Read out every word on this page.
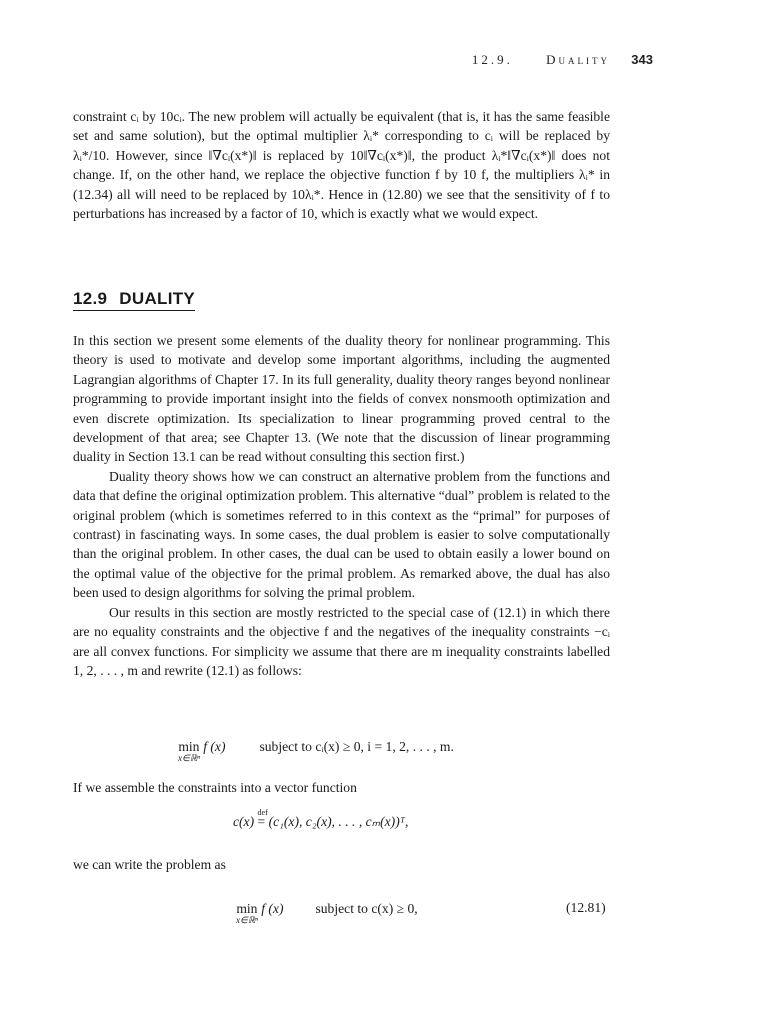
12.9.	Duality 343

constraint cᵢ by 10cᵢ. The new problem will actually be equivalent (that is, it has the same feasible set and same solution), but the optimal multiplier λᵢ* corresponding to cᵢ will be replaced by λᵢ*/10. However, since ‖∇cᵢ(x*)‖ is replaced by 10‖∇cᵢ(x*)‖, the product λᵢ*‖∇cᵢ(x*)‖ does not change. If, on the other hand, we replace the objective function f by 10 f, the multipliers λᵢ* in (12.34) all will need to be replaced by 10λᵢ*. Hence in (12.80) we see that the sensitivity of f to perturbations has increased by a factor of 10, which is exactly what we would expect.

12.9 DUALITY

In this section we present some elements of the duality theory for nonlinear programming. This theory is used to motivate and develop some important algorithms, including the augmented Lagrangian algorithms of Chapter 17. In its full generality, duality theory ranges beyond nonlinear programming to provide important insight into the fields of convex nonsmooth optimization and even discrete optimization. Its specialization to linear programming proved central to the development of that area; see Chapter 13. (We note that the discussion of linear programming duality in Section 13.1 can be read without consulting this section first.)

Duality theory shows how we can construct an alternative problem from the functions and data that define the original optimization problem. This alternative “dual” problem is related to the original problem (which is sometimes referred to in this context as the “primal” for purposes of contrast) in fascinating ways. In some cases, the dual problem is easier to solve computationally than the original problem. In other cases, the dual can be used to obtain easily a lower bound on the optimal value of the objective for the primal problem. As remarked above, the dual has also been used to design algorithms for solving the primal problem.

Our results in this section are mostly restricted to the special case of (12.1) in which there are no equality constraints and the objective f and the negatives of the inequality constraints −cᵢ are all convex functions. For simplicity we assume that there are m inequality constraints labelled 1, 2, . . . , m and rewrite (12.1) as follows:

min
x∈ℝⁿ
f (x)	subject to cᵢ(x) ≥ 0, i = 1, 2, . . . , m.
If we assemble the constraints into a vector function
c(x)
def
= (c₁(x), c₂(x), . . . , cₘ(x))ᵀ,
we can write the problem as
min
x∈ℝⁿ
f (x) subject to c(x) ≥ 0,	(12.81)
